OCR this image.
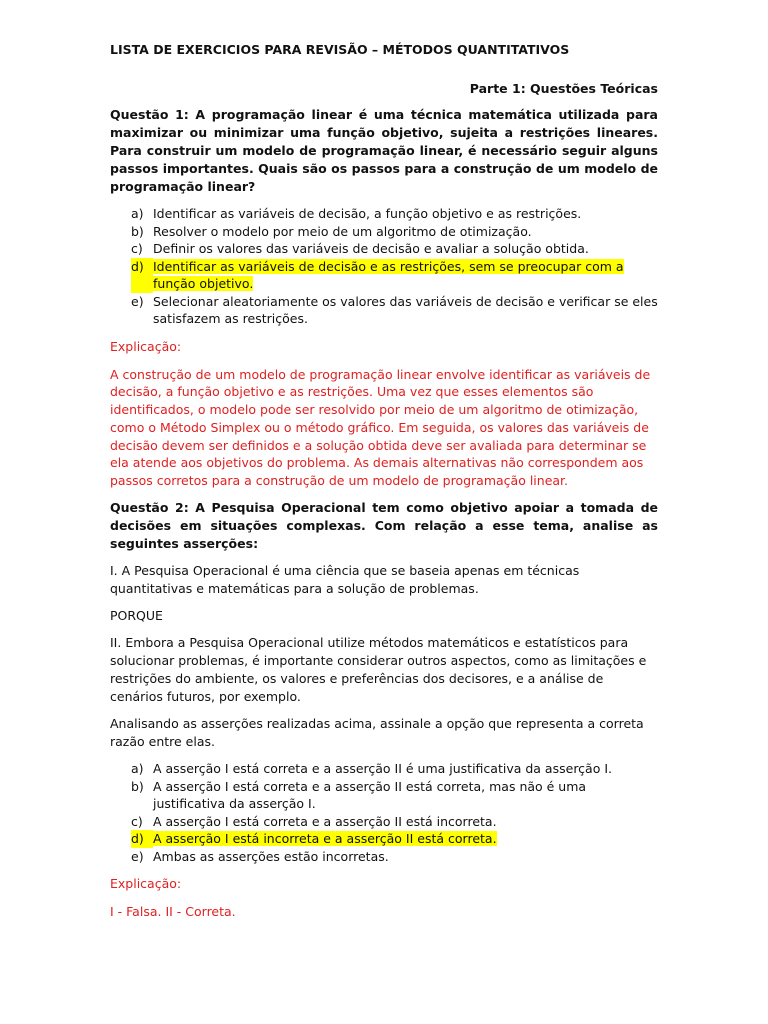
LISTA DE EXERCICIOS PARA REVISÃO – MÉTODOS QUANTITATIVOS

Parte 1: Questões Teóricas

Questão 1: A programação linear é uma técnica matemática utilizada para maximizar ou minimizar uma função objetivo, sujeita a restrições lineares. Para construir um modelo de programação linear, é necessário seguir alguns passos importantes. Quais são os passos para a construção de um modelo de programação linear?

a) Identificar as variáveis de decisão, a função objetivo e as restrições.
b) Resolver o modelo por meio de um algoritmo de otimização.
c) Definir os valores das variáveis de decisão e avaliar a solução obtida.
d) Identificar as variáveis de decisão e as restrições, sem se preocupar com a função objetivo.
e) Selecionar aleatoriamente os valores das variáveis de decisão e verificar se eles satisfazem as restrições.

Explicação:

A construção de um modelo de programação linear envolve identificar as variáveis de decisão, a função objetivo e as restrições. Uma vez que esses elementos são identificados, o modelo pode ser resolvido por meio de um algoritmo de otimização, como o Método Simplex ou o método gráfico. Em seguida, os valores das variáveis de decisão devem ser definidos e a solução obtida deve ser avaliada para determinar se ela atende aos objetivos do problema. As demais alternativas não correspondem aos passos corretos para a construção de um modelo de programação linear.

Questão 2: A Pesquisa Operacional tem como objetivo apoiar a tomada de decisões em situações complexas. Com relação a esse tema, analise as seguintes asserções:

I. A Pesquisa Operacional é uma ciência que se baseia apenas em técnicas quantitativas e matemáticas para a solução de problemas.

PORQUE

II. Embora a Pesquisa Operacional utilize métodos matemáticos e estatísticos para solucionar problemas, é importante considerar outros aspectos, como as limitações e restrições do ambiente, os valores e preferências dos decisores, e a análise de cenários futuros, por exemplo.

Analisando as asserções realizadas acima, assinale a opção que representa a correta razão entre elas.

a) A asserção I está correta e a asserção II é uma justificativa da asserção I.
b) A asserção I está correta e a asserção II está correta, mas não é uma justificativa da asserção I.
c) A asserção I está correta e a asserção II está incorreta.
d) A asserção I está incorreta e a asserção II está correta.
e) Ambas as asserções estão incorretas.

Explicação:

I - Falsa. II - Correta.
